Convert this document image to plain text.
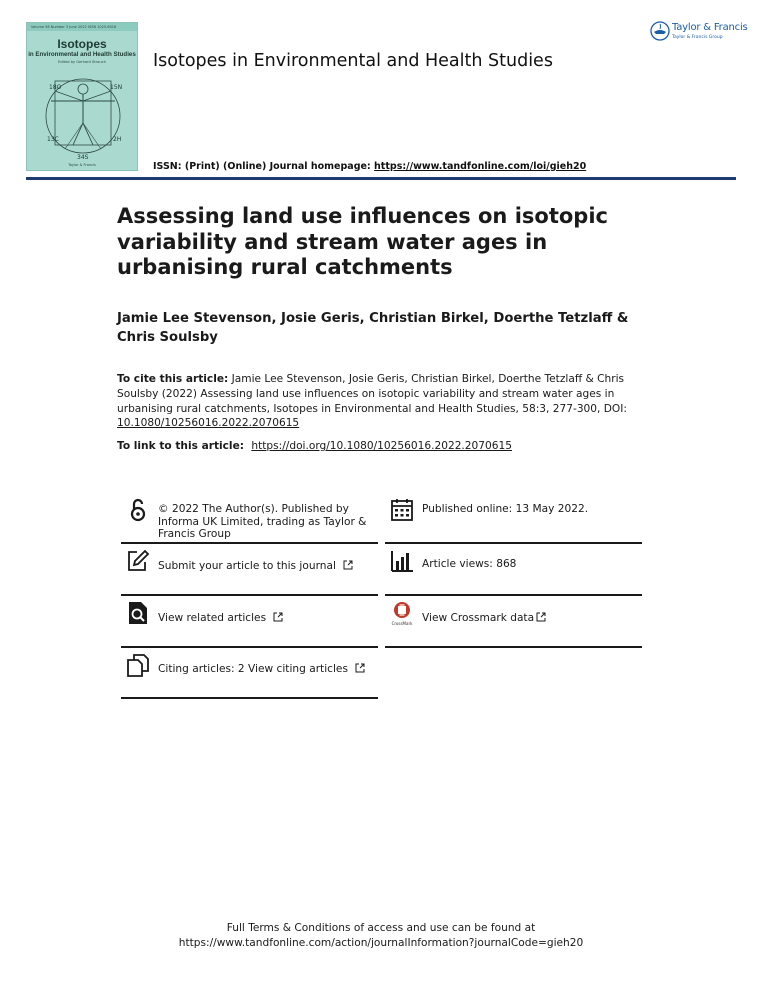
Volume 58 Number 3 June 2022 ISSN 1025-6016
Isotopes
in Environmental and Health Studies
Edited by Gerhard Strauch
18O	15N
13C	2H
34S
Taylor & Francis
Isotopes in Environmental and Health Studies
ISSN: (Print) (Online) Journal homepage: https://www.tandfonline.com/loi/gieh20
Taylor & Francis
Taylor & Francis Group
Assessing land use influences on isotopic variability and stream water ages in urbanising rural catchments
Jamie Lee Stevenson, Josie Geris, Christian Birkel, Doerthe Tetzlaff & Chris Soulsby
To cite this article: Jamie Lee Stevenson, Josie Geris, Christian Birkel, Doerthe Tetzlaff & Chris Soulsby (2022) Assessing land use influences on isotopic variability and stream water ages in urbanising rural catchments, Isotopes in Environmental and Health Studies, 58:3, 277-300, DOI: 10.1080/10256016.2022.2070615
To link to this article: https://doi.org/10.1080/10256016.2022.2070615
© 2022 The Author(s). Published by Informa UK Limited, trading as Taylor & Francis Group
Published online: 13 May 2022.
Submit your article to this journal	Article views: 868
View related articles	CrossMark View Crossmark data
Citing articles: 2 View citing articles
Full Terms & Conditions of access and use can be found at
https://www.tandfonline.com/action/journalInformation?journalCode=gieh20
